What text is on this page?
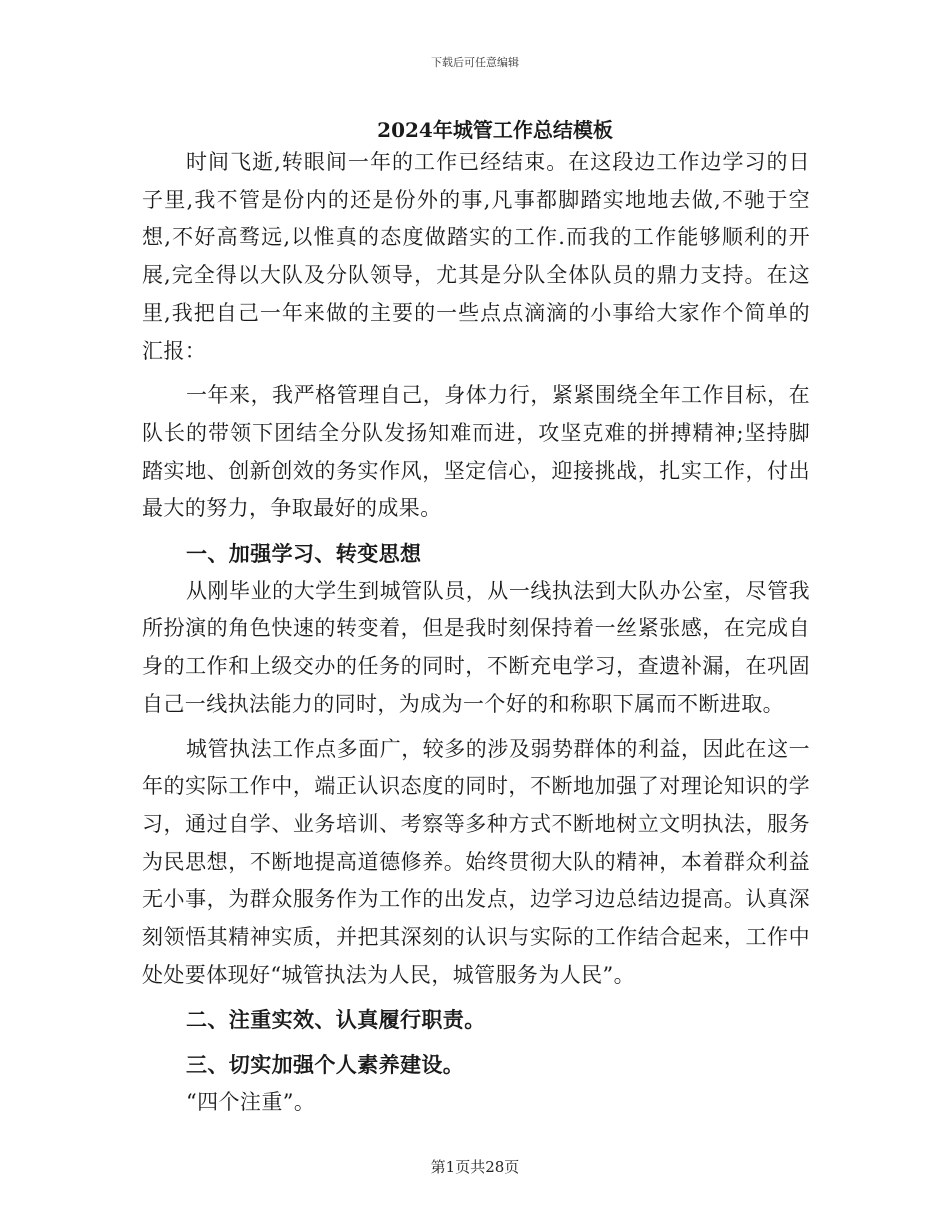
下载后可任意编辑
2024年城管工作总结模板

时间飞逝,转眼间一年的工作已经结束。在这段边工作边学习的日子里,我不管是份内的还是份外的事,凡事都脚踏实地地去做,不驰于空想,不好高骛远,以惟真的态度做踏实的工作.而我的工作能够顺利的开展,完全得以大队及分队领导，尤其是分队全体队员的鼎力支持。在这里,我把自己一年来做的主要的一些点点滴滴的小事给大家作个简单的汇报：

一年来，我严格管理自己，身体力行，紧紧围绕全年工作目标，在队长的带领下团结全分队发扬知难而进，攻坚克难的拼搏精神;坚持脚踏实地、创新创效的务实作风，坚定信心，迎接挑战，扎实工作，付出最大的努力，争取最好的成果。

一、加强学习、转变思想

从刚毕业的大学生到城管队员，从一线执法到大队办公室，尽管我所扮演的角色快速的转变着，但是我时刻保持着一丝紧张感，在完成自身的工作和上级交办的任务的同时，不断充电学习，查遗补漏，在巩固自己一线执法能力的同时，为成为一个好的和称职下属而不断进取。

城管执法工作点多面广，较多的涉及弱势群体的利益，因此在这一年的实际工作中，端正认识态度的同时，不断地加强了对理论知识的学习，通过自学、业务培训、考察等多种方式不断地树立文明执法，服务为民思想，不断地提高道德修养。始终贯彻大队的精神，本着群众利益无小事，为群众服务作为工作的出发点，边学习边总结边提高。认真深刻领悟其精神实质，并把其深刻的认识与实际的工作结合起来，工作中处处要体现好“城管执法为人民，城管服务为人民”。

二、注重实效、认真履行职责。

三、切实加强个人素养建设。

“四个注重”。

第1页共28页
